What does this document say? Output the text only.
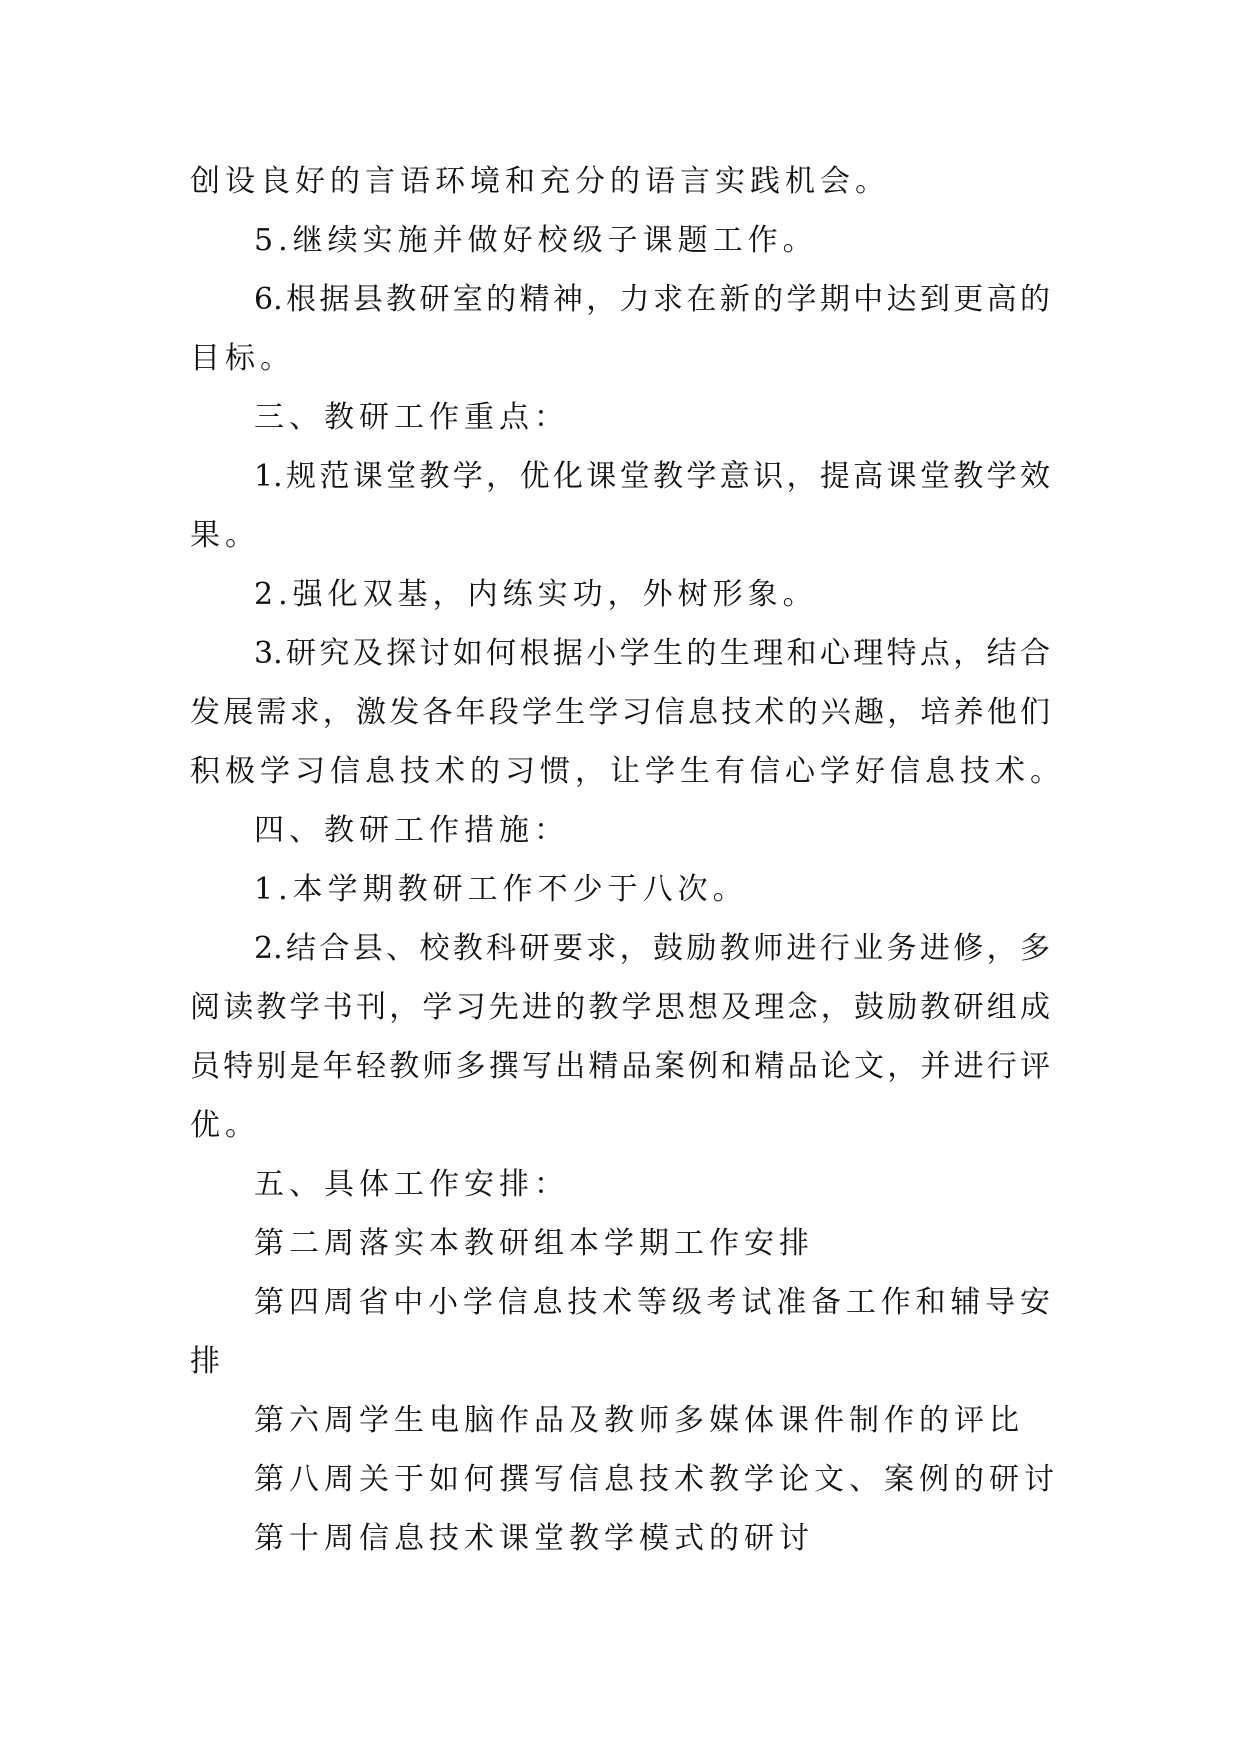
创设良好的言语环境和充分的语言实践机会。
5.继续实施并做好校级子课题工作。
6.根据县教研室的精神，力求在新的学期中达到更高的
目标。
三、教研工作重点：
1.规范课堂教学，优化课堂教学意识，提高课堂教学效
果。
2.强化双基，内练实功，外树形象。
3.研究及探讨如何根据小学生的生理和心理特点，结合
发展需求，激发各年段学生学习信息技术的兴趣，培养他们
积极学习信息技术的习惯，让学生有信心学好信息技术。
四、教研工作措施：
1.本学期教研工作不少于八次。
2.结合县、校教科研要求，鼓励教师进行业务进修，多
阅读教学书刊，学习先进的教学思想及理念，鼓励教研组成
员特别是年轻教师多撰写出精品案例和精品论文，并进行评
优。
五、具体工作安排：
第二周落实本教研组本学期工作安排
第四周省中小学信息技术等级考试准备工作和辅导安
排
第六周学生电脑作品及教师多媒体课件制作的评比
第八周关于如何撰写信息技术教学论文、案例的研讨
第十周信息技术课堂教学模式的研讨
